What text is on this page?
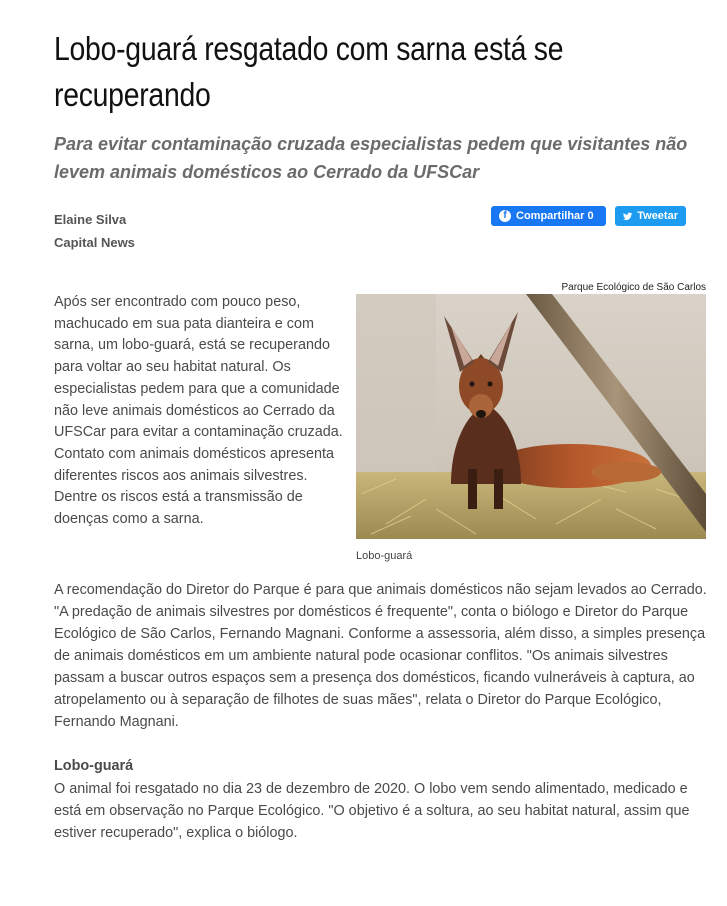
Lobo-guará resgatado com sarna está se recuperando

Para evitar contaminação cruzada especialistas pedem que visitantes não levem animais domésticos ao Cerrado da UFSCar

Elaine Silva
Capital News
f Compartilhar 0	Tweetar
Parque Ecológico de São Carlos
Lobo-guará

Após ser encontrado com pouco peso, machucado em sua pata dianteira e com sarna, um lobo-guará, está se recuperando para voltar ao seu habitat natural. Os especialistas pedem para que a comunidade não leve animais domésticos ao Cerrado da UFSCar para evitar a contaminação cruzada. Contato com animais domésticos apresenta diferentes riscos aos animais silvestres. Dentre os riscos está a transmissão de doenças como a sarna.

A recomendação do Diretor do Parque é para que animais domésticos não sejam levados ao Cerrado. "A predação de animais silvestres por domésticos é frequente", conta o biólogo e Diretor do Parque Ecológico de São Carlos, Fernando Magnani. Conforme a assessoria, além disso, a simples presença de animais domésticos em um ambiente natural pode ocasionar conflitos. "Os animais silvestres passam a buscar outros espaços sem a presença dos domésticos, ficando vulneráveis à captura, ao atropelamento ou à separação de filhotes de suas mães", relata o Diretor do Parque Ecológico, Fernando Magnani.

Lobo-guará

O animal foi resgatado no dia 23 de dezembro de 2020. O lobo vem sendo alimentado, medicado e está em observação no Parque Ecológico. "O objetivo é a soltura, ao seu habitat natural, assim que estiver recuperado", explica o biólogo.
